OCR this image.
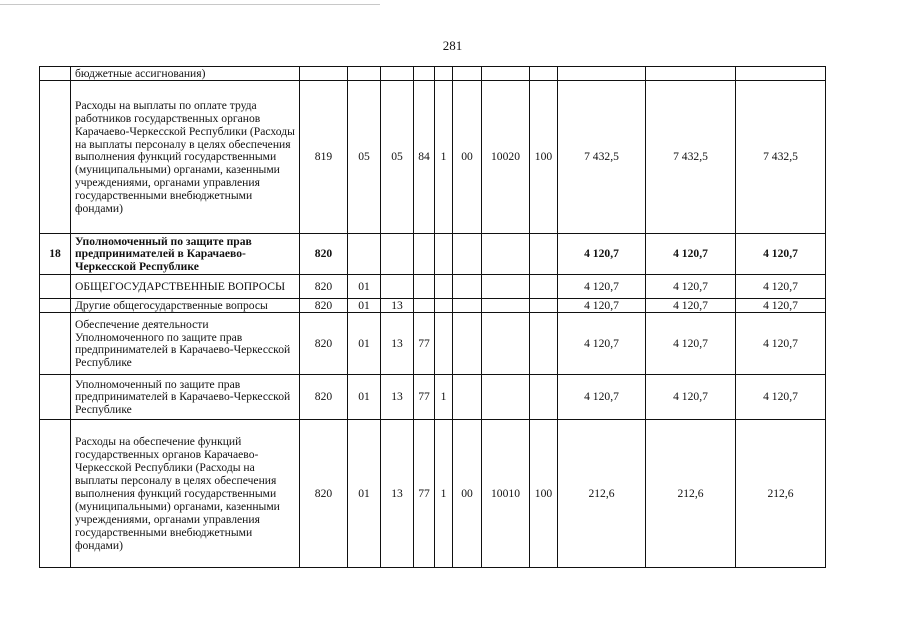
281
	бюджетные ассигнования)											
	Расходы на выплаты по оплате труда работников государственных органов Карачаево-Черкесской Республики (Расходы на выплаты персоналу в целях обеспечения выполнения функций государственными (муниципальными) органами, казенными учреждениями, органами управления государственными внебюджетными фондами)	819	05	05	84	1	00	10020	100	7 432,5	7 432,5	7 432,5
18	Уполномоченный по защите прав предпринимателей в Карачаево-Черкесской Республике	820								4 120,7	4 120,7	4 120,7
	ОБЩЕГОСУДАРСТВЕННЫЕ ВОПРОСЫ	820	01							4 120,7	4 120,7	4 120,7
	Другие общегосударственные вопросы	820	01	13						4 120,7	4 120,7	4 120,7
	Обеспечение деятельности Уполномоченного по защите прав предпринимателей в Карачаево-Черкесской Республике	820	01	13	77					4 120,7	4 120,7	4 120,7
	Уполномоченный по защите прав предпринимателей в Карачаево-Черкесской Республике	820	01	13	77	1				4 120,7	4 120,7	4 120,7
	Расходы на обеспечение функций государственных органов Карачаево-Черкесской Республики (Расходы на выплаты персоналу в целях обеспечения выполнения функций государственными (муниципальными) органами, казенными учреждениями, органами управления государственными внебюджетными фондами)	820	01	13	77	1	00	10010	100	212,6	212,6	212,6
